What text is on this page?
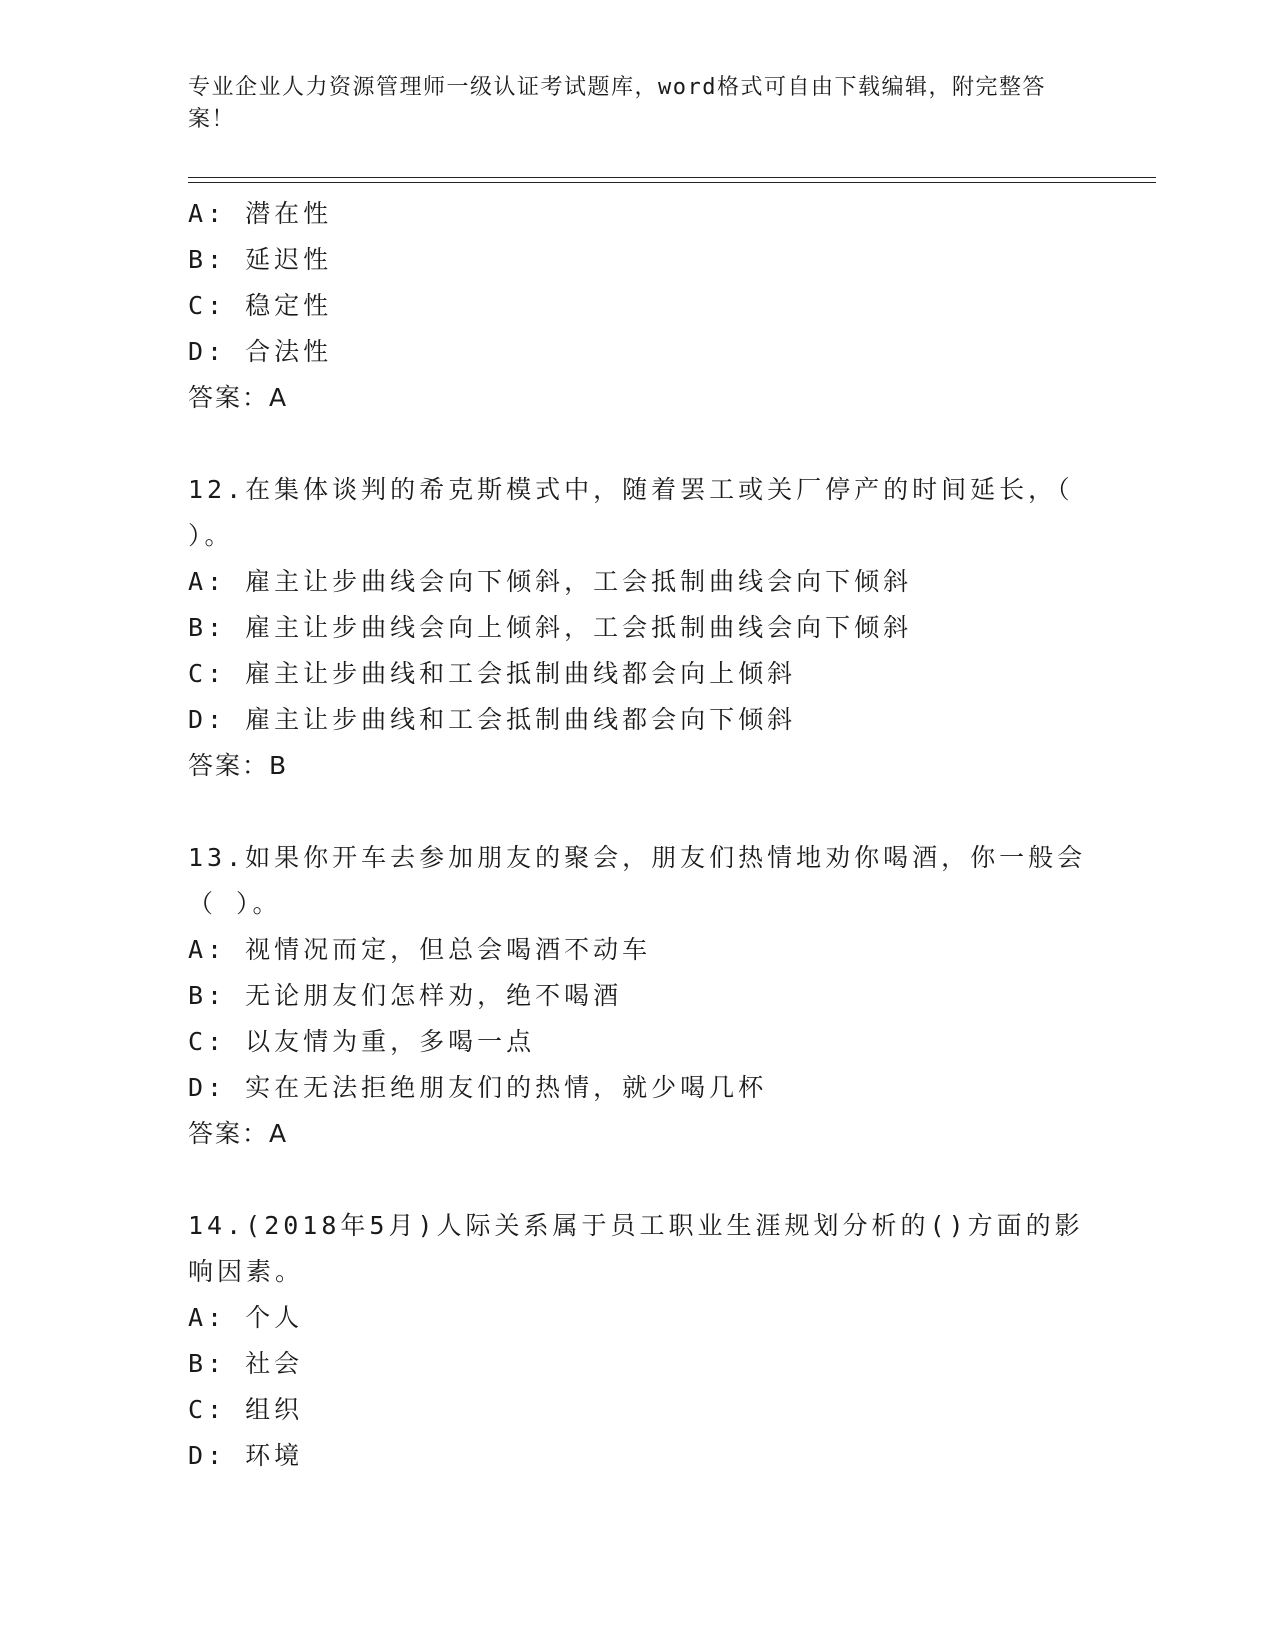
专业企业人力资源管理师一级认证考试题库，word格式可自由下载编辑，附完整答案！
A: 潜在性
B: 延迟性
C: 稳定性
D: 合法性
答案：A
12.在集体谈判的希克斯模式中，随着罢工或关厂停产的时间延长，（ ）。
A: 雇主让步曲线会向下倾斜，工会抵制曲线会向下倾斜
B: 雇主让步曲线会向上倾斜，工会抵制曲线会向下倾斜
C: 雇主让步曲线和工会抵制曲线都会向上倾斜
D: 雇主让步曲线和工会抵制曲线都会向下倾斜
答案：B
13.如果你开车去参加朋友的聚会，朋友们热情地劝你喝酒，你一般会（ ）。
A: 视情况而定，但总会喝酒不动车
B: 无论朋友们怎样劝，绝不喝酒
C: 以友情为重，多喝一点
D: 实在无法拒绝朋友们的热情，就少喝几杯
答案：A
14.(2018年5月)人际关系属于员工职业生涯规划分析的()方面的影响因素。
A: 个人
B: 社会
C: 组织
D: 环境
